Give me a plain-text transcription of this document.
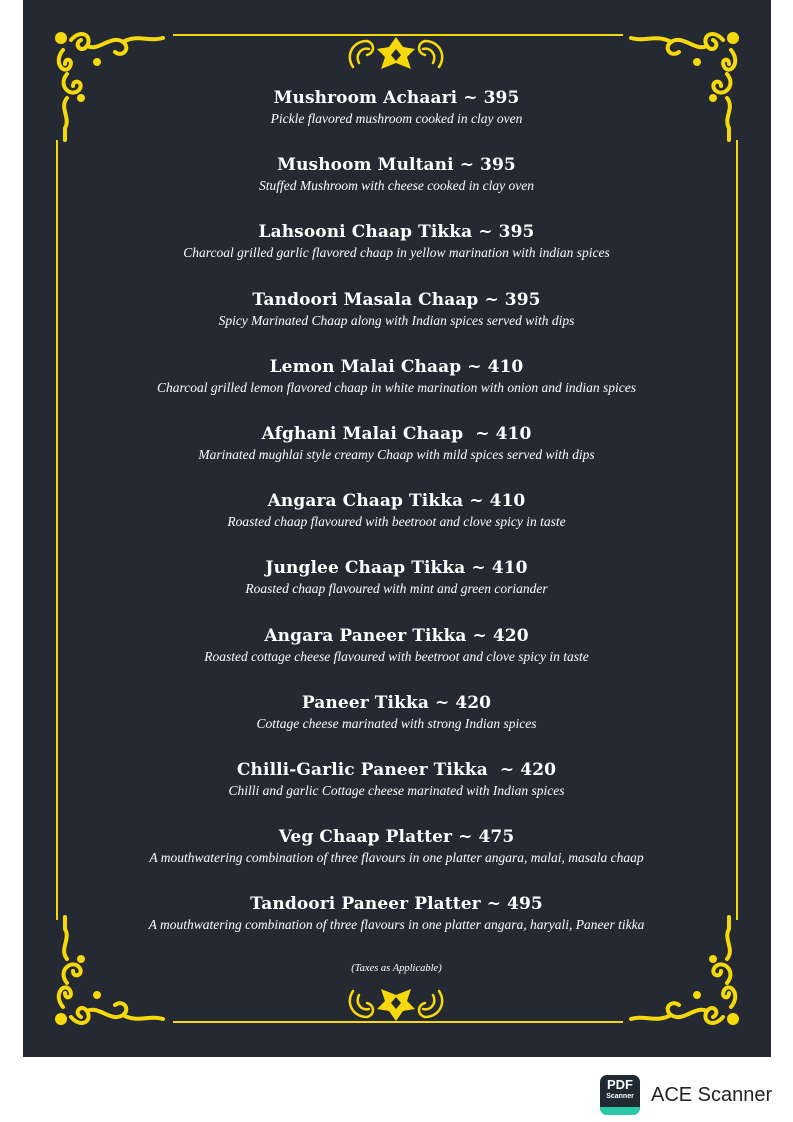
Mushroom Achaari ~ 395
Pickle flavored mushroom cooked in clay oven
Mushoom Multani ~ 395
Stuffed Mushroom with cheese cooked in clay oven
Lahsooni Chaap Tikka ~ 395
Charcoal grilled garlic flavored chaap in yellow marination with indian spices
Tandoori Masala Chaap ~ 395
Spicy Marinated Chaap along with Indian spices served with dips
Lemon Malai Chaap ~ 410
Charcoal grilled lemon flavored chaap in white marination with onion and indian spices
Afghani Malai Chaap  ~ 410
Marinated mughlai style creamy Chaap with mild spices served with dips
Angara Chaap Tikka ~ 410
Roasted chaap flavoured with beetroot and clove spicy in taste
Junglee Chaap Tikka ~ 410
Roasted chaap flavoured with mint and green coriander
Angara Paneer Tikka ~ 420
Roasted cottage cheese flavoured with beetroot and clove spicy in taste
Paneer Tikka ~ 420
Cottage cheese marinated with strong Indian spices
Chilli-Garlic Paneer Tikka  ~ 420
Chilli and garlic Cottage cheese marinated with Indian spices
Veg Chaap Platter ~ 475
A mouthwatering combination of three flavours in one platter angara, malai, masala chaap
Tandoori Paneer Platter ~ 495
A mouthwatering combination of three flavours in one platter angara, haryali, Paneer tikka
(Taxes as Applicable)
PDF
Scanner ACE Scanner
